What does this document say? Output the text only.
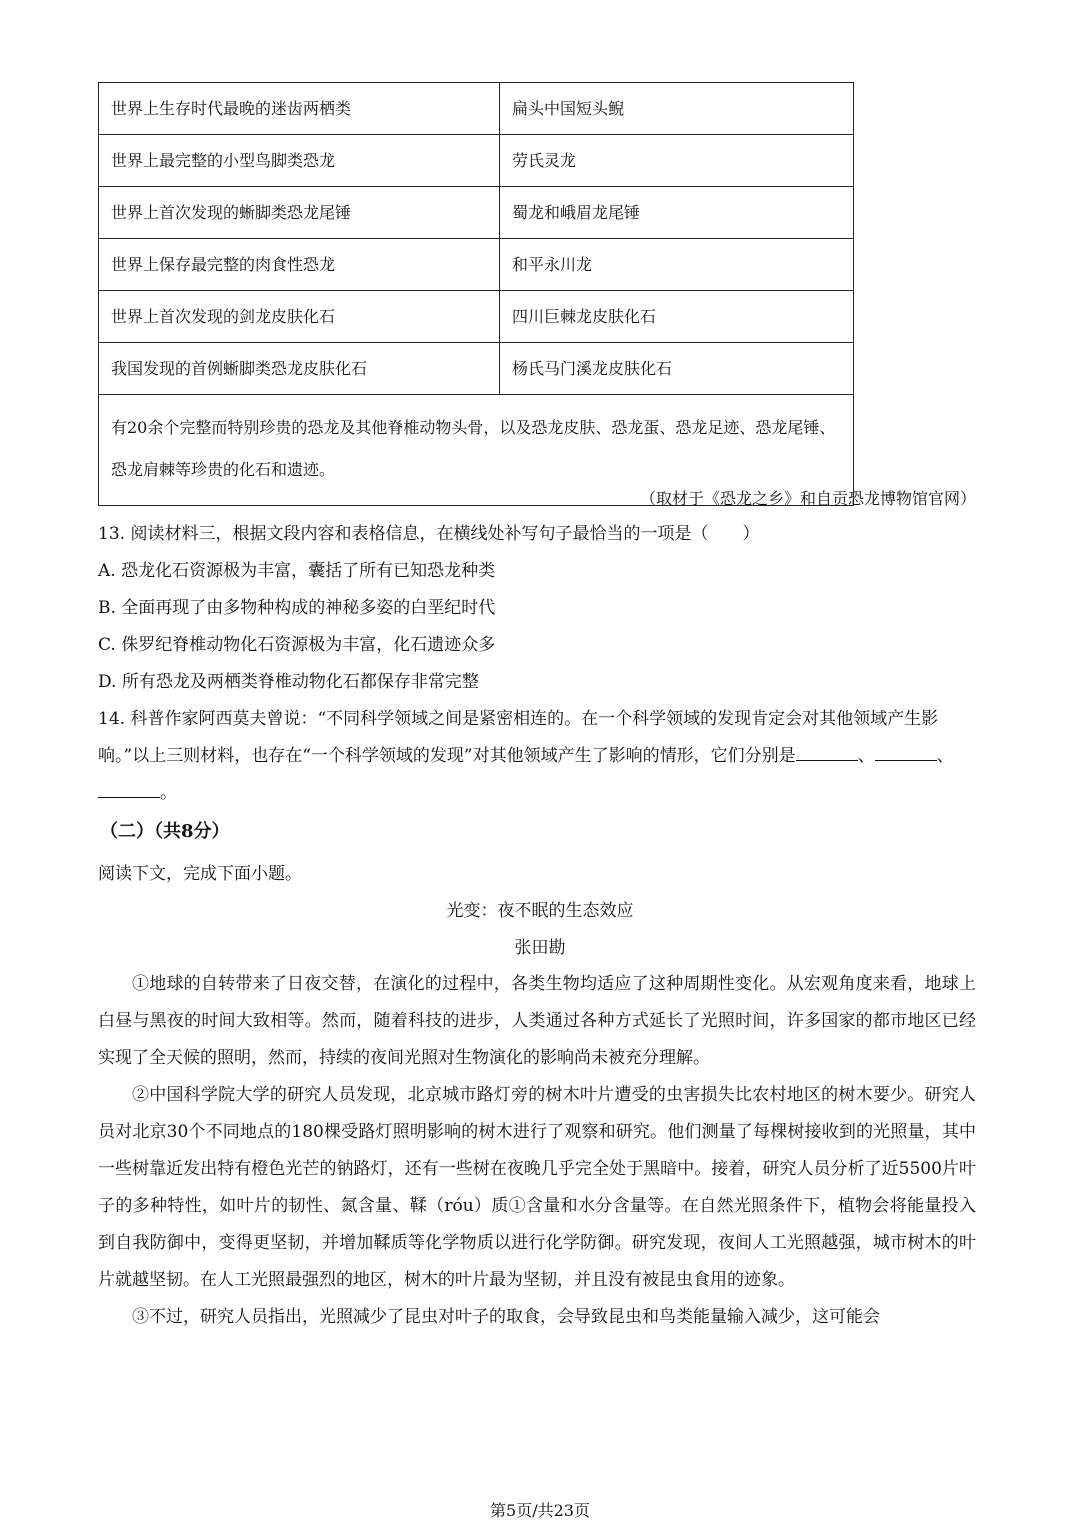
世界上生存时代最晚的迷齿两栖类	扁头中国短头鲵
世界上最完整的小型鸟脚类恐龙	劳氏灵龙
世界上首次发现的蜥脚类恐龙尾锤	蜀龙和峨眉龙尾锤
世界上保存最完整的肉食性恐龙	和平永川龙
世界上首次发现的剑龙皮肤化石	四川巨棘龙皮肤化石
我国发现的首例蜥脚类恐龙皮肤化石	杨氏马门溪龙皮肤化石
有20余个完整而特别珍贵的恐龙及其他脊椎动物头骨，以及恐龙皮肤、恐龙蛋、恐龙足迹、恐龙尾锤、恐龙肩棘等珍贵的化石和遗迹。	
（取材于《恐龙之乡》和自贡恐龙博物馆官网）

13. 阅读材料三，根据文段内容和表格信息，在横线处补写句子最恰当的一项是（　　）

A. 恐龙化石资源极为丰富，囊括了所有已知恐龙种类

B. 全面再现了由多物种构成的神秘多姿的白垩纪时代

C. 侏罗纪脊椎动物化石资源极为丰富，化石遗迹众多

D. 所有恐龙及两栖类脊椎动物化石都保存非常完整

14. 科普作家阿西莫夫曾说：“不同科学领域之间是紧密相连的。在一个科学领域的发现肯定会对其他领域产生影响。”以上三则材料，也存在“一个科学领域的发现”对其他领域产生了影响的情形，它们分别是	、	、。

（二）（共8分）
阅读下文，完成下面小题。
光变：夜不眠的生态效应
张田勘

①地球的自转带来了日夜交替，在演化的过程中，各类生物均适应了这种周期性变化。从宏观角度来看，地球上白昼与黑夜的时间大致相等。然而，随着科技的进步，人类通过各种方式延长了光照时间，许多国家的都市地区已经实现了全天候的照明，然而，持续的夜间光照对生物演化的影响尚未被充分理解。

②中国科学院大学的研究人员发现，北京城市路灯旁的树木叶片遭受的虫害损失比农村地区的树木要少。研究人员对北京30个不同地点的180棵受路灯照明影响的树木进行了观察和研究。他们测量了每棵树接收到的光照量，其中一些树靠近发出特有橙色光芒的钠路灯，还有一些树在夜晚几乎完全处于黑暗中。接着，研究人员分析了近5500片叶子的多种特性，如叶片的韧性、氮含量、鞣（róu）质①含量和水分含量等。在自然光照条件下，植物会将能量投入到自我防御中，变得更坚韧，并增加鞣质等化学物质以进行化学防御。研究发现，夜间人工光照越强，城市树木的叶片就越坚韧。在人工光照最强烈的地区，树木的叶片最为坚韧，并且没有被昆虫食用的迹象。

③不过，研究人员指出，光照减少了昆虫对叶子的取食，会导致昆虫和鸟类能量输入减少，这可能会

第5页/共23页
